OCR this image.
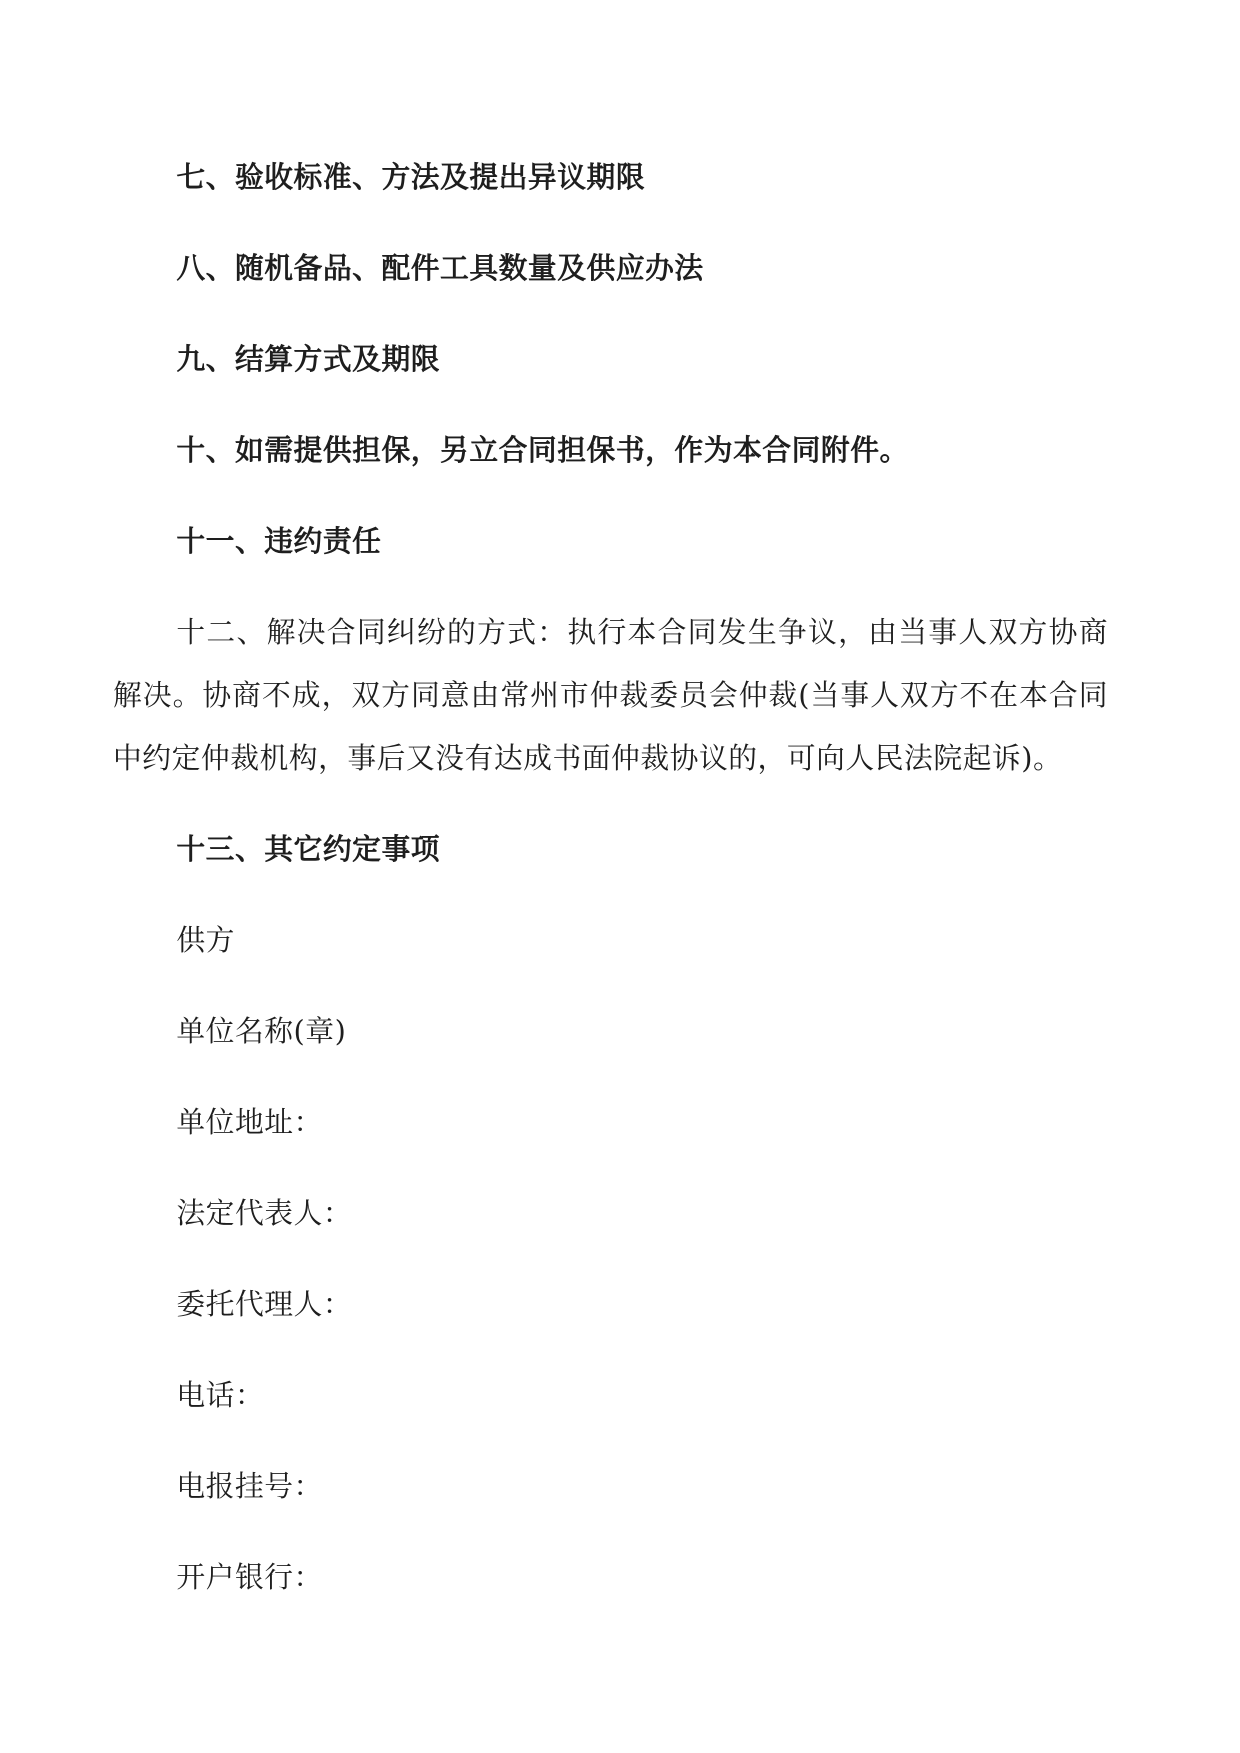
七、验收标准、方法及提出异议期限

八、随机备品、配件工具数量及供应办法

九、结算方式及期限

十、如需提供担保，另立合同担保书，作为本合同附件。

十一、违约责任

十二、解决合同纠纷的方式：执行本合同发生争议，由当事人双方协商解决。协商不成，双方同意由常州市仲裁委员会仲裁(当事人双方不在本合同中约定仲裁机构，事后又没有达成书面仲裁协议的，可向人民法院起诉)。

十三、其它约定事项

供方

单位名称(章)

单位地址：

法定代表人：

委托代理人：

电话：

电报挂号：

开户银行：
